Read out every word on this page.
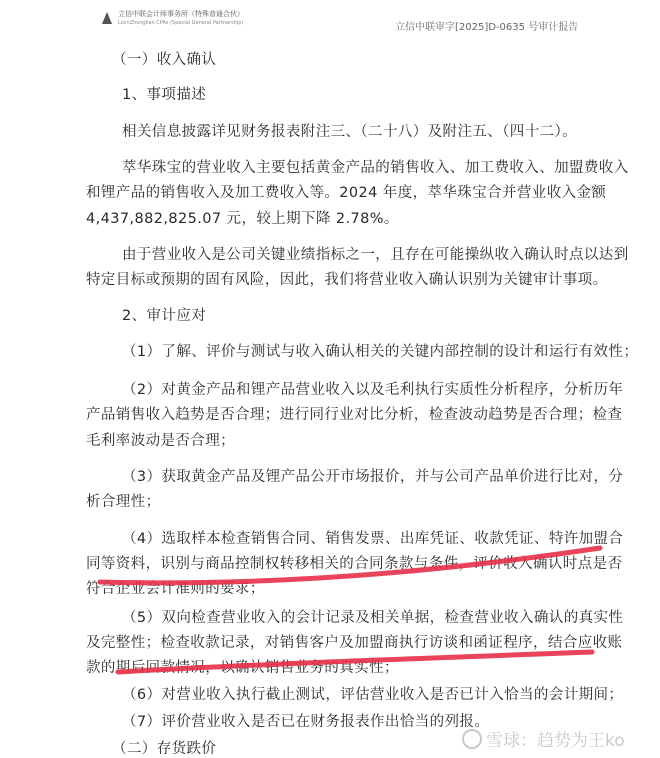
立信中联会计师事务所（特殊普通合伙）
LixinZhonglian CPAs (Special General Partnership)	立信中联审字[2025]D-0635 号审计报告
（一）收入确认
1、事项描述
相关信息披露详见财务报表附注三、（二十八）及附注五、（四十二）。
萃华珠宝的营业收入主要包括黄金产品的销售收入、加工费收入、加盟费收入
和锂产品的销售收入及加工费收入等。2024 年度，萃华珠宝合并营业收入金额
4,437,882,825.07 元，较上期下降 2.78%。
由于营业收入是公司关键业绩指标之一，且存在可能操纵收入确认时点以达到
特定目标或预期的固有风险，因此，我们将营业收入确认识别为关键审计事项。
2、审计应对
（1）了解、评价与测试与收入确认相关的关键内部控制的设计和运行有效性；
（2）对黄金产品和锂产品营业收入以及毛利执行实质性分析程序，分析历年
产品销售收入趋势是否合理；进行同行业对比分析，检查波动趋势是否合理；检查
毛利率波动是否合理；
（3）获取黄金产品及锂产品公开市场报价，并与公司产品单价进行比对，分
析合理性；
（4）选取样本检查销售合同、销售发票、出库凭证、收款凭证、特许加盟合
同等资料，识别与商品控制权转移相关的合同条款与条件，评价收入确认时点是否
符合企业会计准则的要求；
（5）双向检查营业收入的会计记录及相关单据，检查营业收入确认的真实性
及完整性；检查收款记录，对销售客户及加盟商执行访谈和函证程序，结合应收账
款的期后回款情况，以确认销售业务的真实性；
（6）对营业收入执行截止测试，评估营业收入是否已计入恰当的会计期间；
（7）评价营业收入是否已在财务报表作出恰当的列报。
（二）存货跌价	雪球：趋势为王ko
